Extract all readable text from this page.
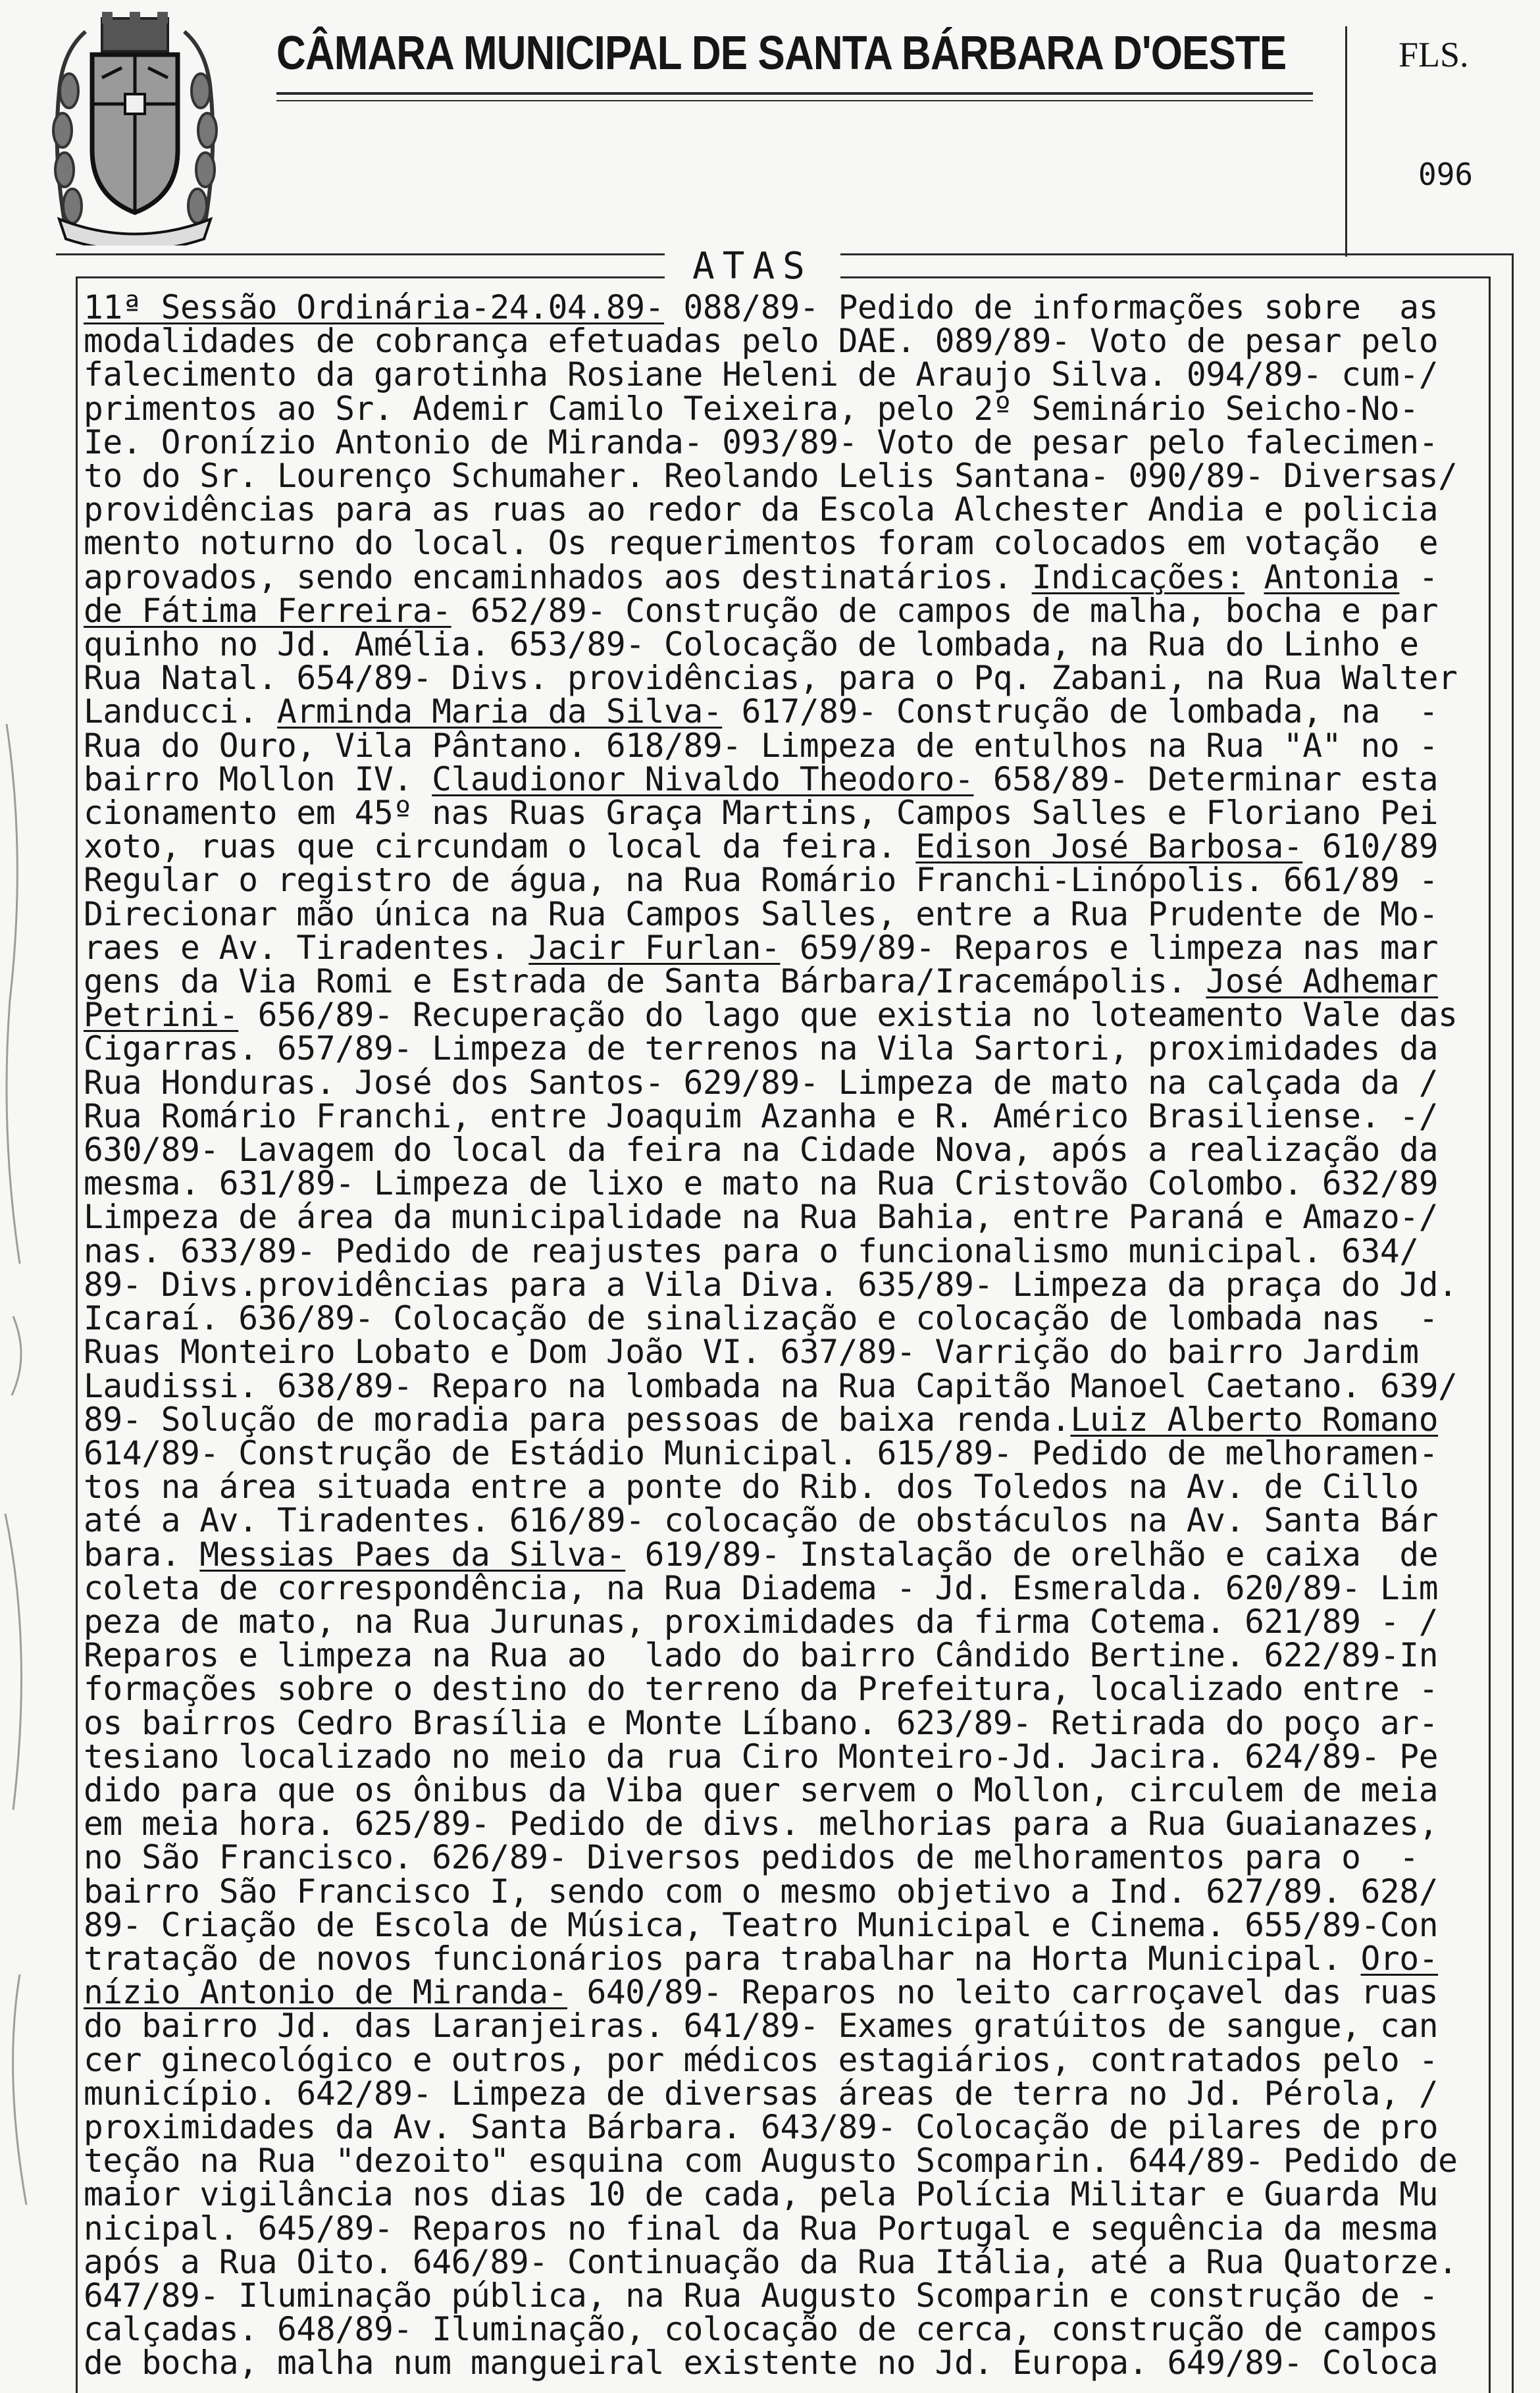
CÂMARA MUNICIPAL DE SANTA BÁRBARA D'OESTE	FLS.
096
ATAS
11ª Sessão Ordinária-24.04.89- 088/89- Pedido de informações sobre  as
modalidades de cobrança efetuadas pelo DAE. 089/89- Voto de pesar pelo
falecimento da garotinha Rosiane Heleni de Araujo Silva. 094/89- cum-/
primentos ao Sr. Ademir Camilo Teixeira, pelo 2º Seminário Seicho-No-
Ie. Oronízio Antonio de Miranda- 093/89- Voto de pesar pelo falecimen-
to do Sr. Lourenço Schumaher. Reolando Lelis Santana- 090/89- Diversas/
providências para as ruas ao redor da Escola Alchester Andia e policia
mento noturno do local. Os requerimentos foram colocados em votação  e
aprovados, sendo encaminhados aos destinatários. Indicações: Antonia -
de Fátima Ferreira- 652/89- Construção de campos de malha, bocha e par
quinho no Jd. Amélia. 653/89- Colocação de lombada, na Rua do Linho e
Rua Natal. 654/89- Divs. providências, para o Pq. Zabani, na Rua Walter
Landucci. Arminda Maria da Silva- 617/89- Construção de lombada, na  -
Rua do Ouro, Vila Pântano. 618/89- Limpeza de entulhos na Rua "A" no -
bairro Mollon IV. Claudionor Nivaldo Theodoro- 658/89- Determinar esta
cionamento em 45º nas Ruas Graça Martins, Campos Salles e Floriano Pei
xoto, ruas que circundam o local da feira. Edison José Barbosa- 610/89
Regular o registro de água, na Rua Romário Franchi-Linópolis. 661/89 -
Direcionar mão única na Rua Campos Salles, entre a Rua Prudente de Mo-
raes e Av. Tiradentes. Jacir Furlan- 659/89- Reparos e limpeza nas mar
gens da Via Romi e Estrada de Santa Bárbara/Iracemápolis. José Adhemar
Petrini- 656/89- Recuperação do lago que existia no loteamento Vale das
Cigarras. 657/89- Limpeza de terrenos na Vila Sartori, proximidades da
Rua Honduras. José dos Santos- 629/89- Limpeza de mato na calçada da /
Rua Romário Franchi, entre Joaquim Azanha e R. Américo Brasiliense. -/
630/89- Lavagem do local da feira na Cidade Nova, após a realização da
mesma. 631/89- Limpeza de lixo e mato na Rua Cristovão Colombo. 632/89
Limpeza de área da municipalidade na Rua Bahia, entre Paraná e Amazo-/
nas. 633/89- Pedido de reajustes para o funcionalismo municipal. 634/
89- Divs.providências para a Vila Diva. 635/89- Limpeza da praça do Jd.
Icaraí. 636/89- Colocação de sinalização e colocação de lombada nas  -
Ruas Monteiro Lobato e Dom João VI. 637/89- Varrição do bairro Jardim
Laudissi. 638/89- Reparo na lombada na Rua Capitão Manoel Caetano. 639/
89- Solução de moradia para pessoas de baixa renda.Luiz Alberto Romano
614/89- Construção de Estádio Municipal. 615/89- Pedido de melhoramen-
tos na área situada entre a ponte do Rib. dos Toledos na Av. de Cillo
até a Av. Tiradentes. 616/89- colocação de obstáculos na Av. Santa Bár
bara. Messias Paes da Silva- 619/89- Instalação de orelhão e caixa  de
coleta de correspondência, na Rua Diadema - Jd. Esmeralda. 620/89- Lim
peza de mato, na Rua Jurunas, proximidades da firma Cotema. 621/89 - /
Reparos e limpeza na Rua ao  lado do bairro Cândido Bertine. 622/89-In
formações sobre o destino do terreno da Prefeitura, localizado entre -
os bairros Cedro Brasília e Monte Líbano. 623/89- Retirada do poço ar-
tesiano localizado no meio da rua Ciro Monteiro-Jd. Jacira. 624/89- Pe
dido para que os ônibus da Viba quer servem o Mollon, circulem de meia
em meia hora. 625/89- Pedido de divs. melhorias para a Rua Guaianazes,
no São Francisco. 626/89- Diversos pedidos de melhoramentos para o  -
bairro São Francisco I, sendo com o mesmo objetivo a Ind. 627/89. 628/
89- Criação de Escola de Música, Teatro Municipal e Cinema. 655/89-Con
tratação de novos funcionários para trabalhar na Horta Municipal. Oro-
nízio Antonio de Miranda- 640/89- Reparos no leito carroçavel das ruas
do bairro Jd. das Laranjeiras. 641/89- Exames gratúitos de sangue, can
cer ginecológico e outros, por médicos estagiários, contratados pelo -
município. 642/89- Limpeza de diversas áreas de terra no Jd. Pérola, /
proximidades da Av. Santa Bárbara. 643/89- Colocação de pilares de pro
teção na Rua "dezoito" esquina com Augusto Scomparin. 644/89- Pedido de
maior vigilância nos dias 10 de cada, pela Polícia Militar e Guarda Mu
nicipal. 645/89- Reparos no final da Rua Portugal e sequência da mesma
após a Rua Oito. 646/89- Continuação da Rua Itália, até a Rua Quatorze.
647/89- Iluminação pública, na Rua Augusto Scomparin e construção de -
calçadas. 648/89- Iluminação, colocação de cerca, construção de campos
de bocha, malha num mangueiral existente no Jd. Europa. 649/89- Coloca
